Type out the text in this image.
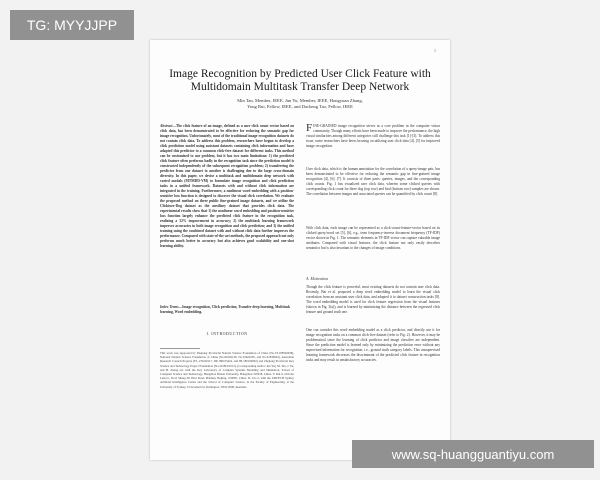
TG: MYYJJPP
1
Image Recognition by Predicted User Click Feature with Multidomain Multitask Transfer Deep Network
Min Tan, Member, IEEE, Jun Yu, Member, IEEE, Hongyuan Zhang,
Yong Rui, Fellow, IEEE, and Dacheng Tao, Fellow, IEEE
Abstract—The click feature of an image, defined as a user click count vector based on click data, has been demonstrated to be effective for reducing the semantic gap for image recognition. Unfortunately, most of the traditional image recognition datasets do not contain click data. To address this problem, researchers have begun to develop a click prediction model using assistant datasets containing click information and have adapted this predictor to a common click-free dataset for different tasks. This method can be customized to our problem, but it has two main limitations: 1) the predicted click feature often performs badly in the recognition task since the prediction model is constructed independently of the subsequent recognition problem; 2) transferring the predictor from one dataset to another is challenging due to the large cross-domain diversity. In this paper, we devise a multitask and multidomain deep network with varied modals (MTMDD-VM) to formulate image recognition and click prediction tasks in a unified framework. Datasets with and without click information are integrated in the training. Furthermore, a nonlinear word embedding with a position-sensitive loss function is designed to discover the visual click correlation. We evaluate the proposed method on three public fine-grained image datasets, and we utilize the Clickture-Dog dataset as the auxiliary dataset that provides click data. The experimental results show that 1) the nonlinear word embedding and position-sensitive loss function largely enhance the predicted click feature in the recognition task, realizing a 32% improvement in accuracy; 2) the multitask learning framework improves accuracies in both image recognition and click prediction; and 3) the unified training using the combined dataset with and without click data further improves the performance. Compared with state-of-the-art methods, the proposed approach not only performs much better in accuracy but also achieves good scalability and one-shot learning ability.
Index Terms—Image recognition, Click prediction, Transfer deep learning, Multitask learning, Word embedding.
I. INTRODUCTION
This work was supported by Zhejiang Provincial Natural Science Foundation of China (No.LY19F020038), National Natural Science Foundation of China (No.61602136, No.61622205, and No.61836002), Australian Research Council Projects (FL-170100117, DP-180103424, and IH-180100002) and Zhejiang Provincial Key Science and Technology Project Foundation (No.2018C01012). (Corresponding author: Jun Yu.) M. Tan, J. Yu, and H. Zhang are with the Key Laboratory of Complex Systems Modeling and Simulation, School of Computer Science and Technology, Hangzhou Dianzi University, Hangzhou 310018, China. Y. Rui is with the Lenovo, No.6 Shang Di West Road, Haidian, Beijing, 100085, China. D. Tao is with the UBTECH Sydney Artificial Intelligence Centre and the School of Computer Science, in the Faculty of Engineering, at the University of Sydney, 6 Cleveland St, Darlington, NSW 2008, Australia.
FINE-GRAINED image recognition serves as a core problem in the computer vision community. Though many efforts have been made to improve the performance, the high visual similarities among different categories still challenge this task [1]-[3]. To address this issue, some researchers have been focusing on utilizing user click data [4], [5] for improved image recognition.
User click data, which is the human annotation for the correlation of a query-image pair, has been demonstrated to be effective for reducing the semantic gap in fine-grained image recognition [4], [6], [7]. It consists of three parts: queries, images, and the corresponding click counts. Fig. 1 has visualized user click data, wherein some clicked queries with corresponding click count for three dog (top row) and bird (bottom row) samples are shown. The correlation between images and associated queries can be quantified by click count [8].
With click data, each image can be represented as a click-count-feature-vector based on its clicked query/word set [5], [6], e.g., term frequency-inverse document frequency (TF-IDF) vector shown in Fig. 1. The semantic elements in TF-IDF vector can capture valuable image attributes. Compared with visual features, the click feature not only easily describes semantics but is also invariant to the changes of image conditions.
A. Motivation
Though the click feature is powerful, most existing datasets do not contain user click data. Recently, Bai et al. proposed a deep word embedding model to learn the visual click correlation from an assistant user click data, and adapted it to dataset construction tasks [8]. The word embedding model is used for click feature regression from the visual features (shown in Fig. 3(a)), and is learned by minimizing the distance between the regressed click feature and ground truth one.
One can consider this word embedding model as a click predictor, and directly use it for image recognition tasks on a common click-free dataset (refer to Fig. 2). However, it may be problematical since the learning of click predictor and image classifier are independent. Since the prediction model is learned only by minimizing the prediction error without any supervised information for recognition, i.e., ground truth category labels. This unsupervised learning framework decreases the discriminant of the predicted click feature in recognition tasks and may result in unsatisfactory accuracies.
www.sq-huangguantiyu.com
